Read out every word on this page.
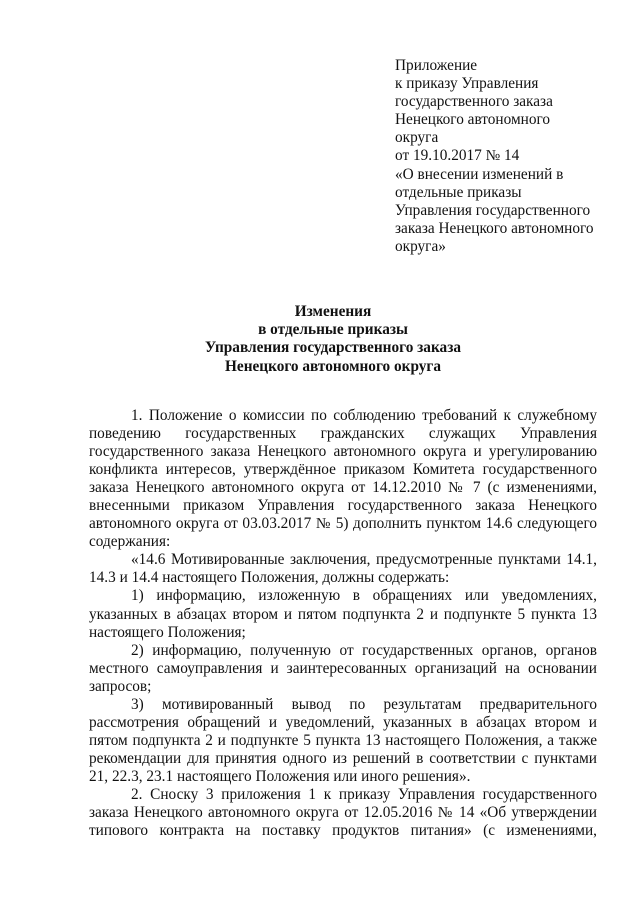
Приложение
к приказу Управления
государственного заказа
Ненецкого автономного
округа
от 19.10.2017 № 14
«О внесении изменений в
отдельные приказы
Управления государственного
заказа Ненецкого автономного
округа»
Изменения
в отдельные приказы
Управления государственного заказа
Ненецкого автономного округа
1. Положение о комиссии по соблюдению требований к служебному
поведению государственных гражданских служащих Управления
государственного заказа Ненецкого автономного округа и урегулированию
конфликта интересов, утверждённое приказом Комитета государственного
заказа Ненецкого автономного округа от 14.12.2010 № 7 (с изменениями,
внесенными приказом Управления государственного заказа Ненецкого
автономного округа от 03.03.2017 № 5) дополнить пунктом 14.6 следующего
содержания:
«14.6 Мотивированные заключения, предусмотренные пунктами 14.1,
14.3 и 14.4 настоящего Положения, должны содержать:
1) информацию, изложенную в обращениях или уведомлениях,
указанных в абзацах втором и пятом подпункта 2 и подпункте 5 пункта 13
настоящего Положения;
2) информацию, полученную от государственных органов, органов
местного самоуправления и заинтересованных организаций на основании
запросов;
3) мотивированный вывод по результатам предварительного
рассмотрения обращений и уведомлений, указанных в абзацах втором и
пятом подпункта 2 и подпункте 5 пункта 13 настоящего Положения, а также
рекомендации для принятия одного из решений в соответствии с пунктами
21, 22.3, 23.1 настоящего Положения или иного решения».
2. Сноску 3 приложения 1 к приказу Управления государственного
заказа Ненецкого автономного округа от 12.05.2016 № 14 «Об утверждении
типового контракта на поставку продуктов питания» (с изменениями,
